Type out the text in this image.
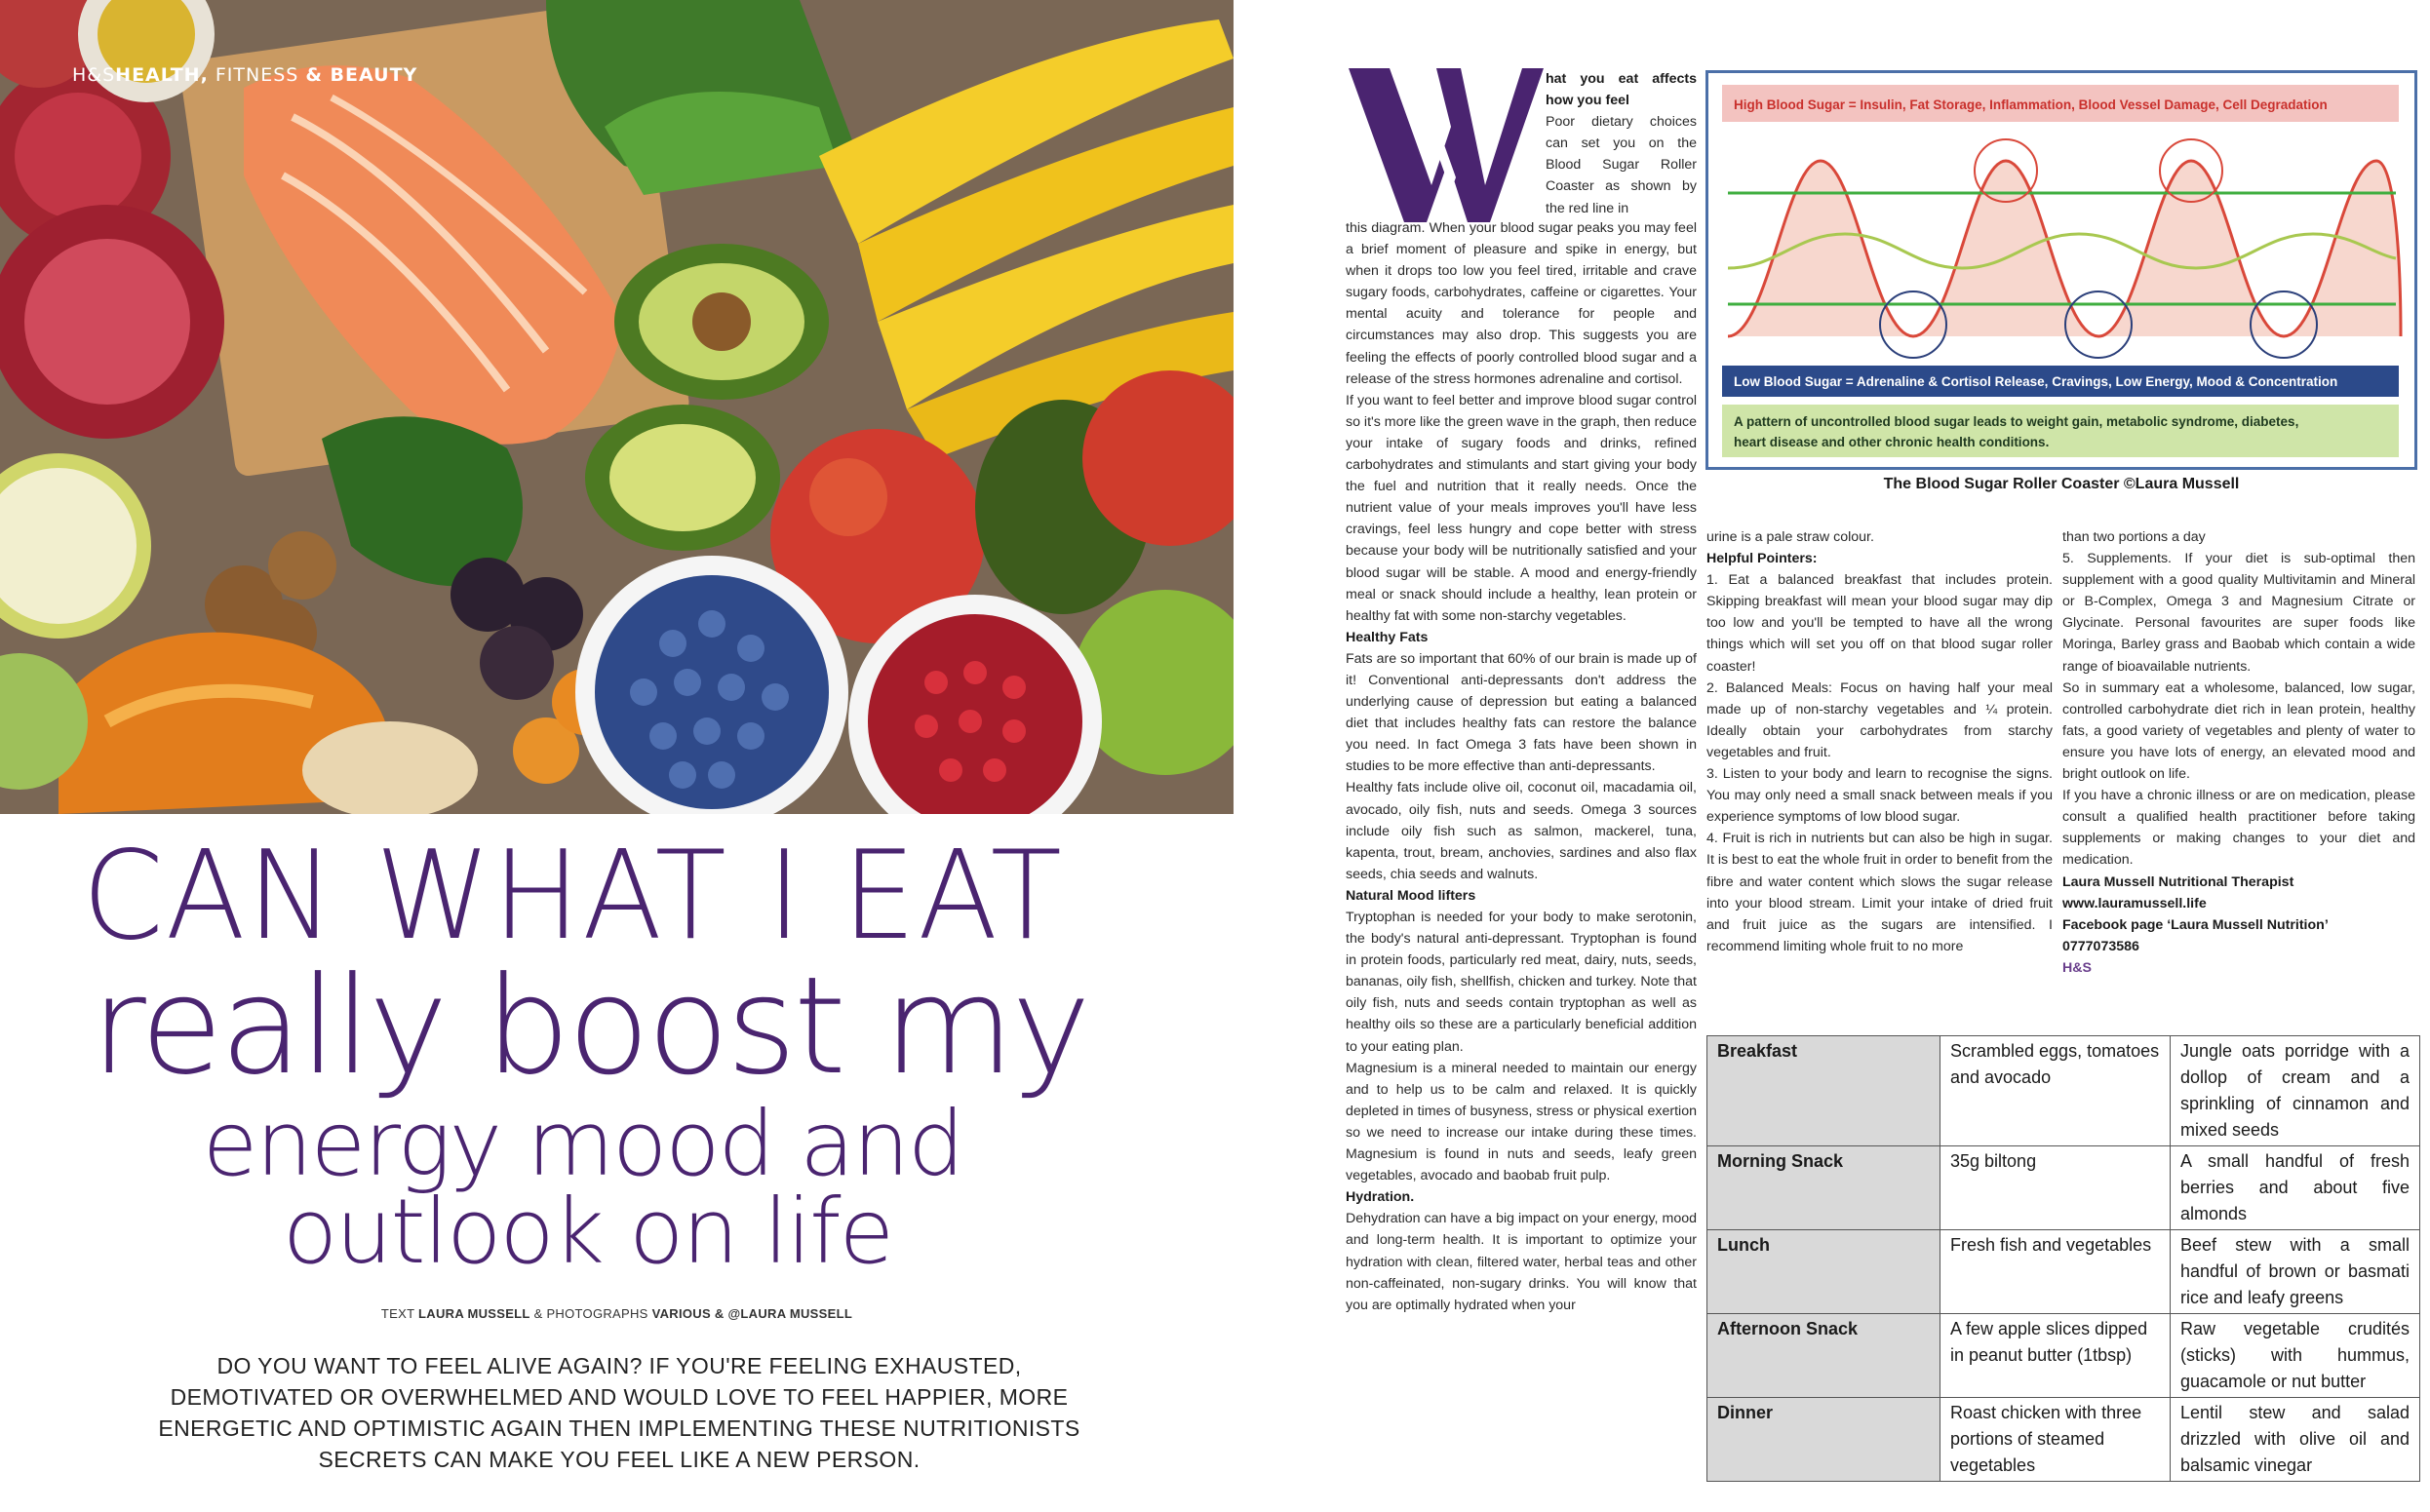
H&SHEALTH, FITNESS & BEAUTY
CAN WHAT I EAT
really boost my
energy mood and
outlook on life
TEXT LAURA MUSSELL & PHOTOGRAPHS VARIOUS & @LAURA MUSSELL
DO YOU WANT TO FEEL ALIVE AGAIN? IF YOU'RE FEELING EXHAUSTED, DEMOTIVATED OR OVERWHELMED AND WOULD LOVE TO FEEL HAPPIER, MORE ENERGETIC AND OPTIMISTIC AGAIN THEN IMPLEMENTING THESE NUTRITIONISTS SECRETS CAN MAKE YOU FEEL LIKE A NEW PERSON.

hat you eat affects how you feel

Poor dietary choices can set you on the Blood Sugar Roller Coaster as shown by the red line in

this diagram. When your blood sugar peaks you may feel a brief moment of pleasure and spike in energy, but when it drops too low you feel tired, irritable and crave sugary foods, carbohydrates, caffeine or cigarettes. Your mental acuity and tolerance for people and circumstances may also drop. This suggests you are feeling the effects of poorly controlled blood sugar and a release of the stress hormones adrenaline and cortisol.

If you want to feel better and improve blood sugar control so it's more like the green wave in the graph, then reduce your intake of sugary foods and drinks, refined carbohydrates and stimulants and start giving your body the fuel and nutrition that it really needs. Once the nutrient value of your meals improves you'll have less cravings, feel less hungry and cope better with stress because your body will be nutritionally satisfied and your blood sugar will be stable. A mood and energy-friendly meal or snack should include a healthy, lean protein or healthy fat with some non-starchy vegetables.

Healthy Fats

Fats are so important that 60% of our brain is made up of it! Conventional anti-depressants don't address the underlying cause of depression but eating a balanced diet that includes healthy fats can restore the balance you need. In fact Omega 3 fats have been shown in studies to be more effective than anti-depressants.

Healthy fats include olive oil, coconut oil, macadamia oil, avocado, oily fish, nuts and seeds. Omega 3 sources include oily fish such as salmon, mackerel, tuna, kapenta, trout, bream, anchovies, sardines and also flax seeds, chia seeds and walnuts.

Natural Mood lifters

Tryptophan is needed for your body to make serotonin, the body's natural anti-depressant. Tryptophan is found in protein foods, particularly red meat, dairy, nuts, seeds, bananas, oily fish, shellfish, chicken and turkey. Note that oily fish, nuts and seeds contain tryptophan as well as healthy oils so these are a particularly beneficial addition to your eating plan.

Magnesium is a mineral needed to maintain our energy and to help us to be calm and relaxed. It is quickly depleted in times of busyness, stress or physical exertion so we need to increase our intake during these times. Magnesium is found in nuts and seeds, leafy green vegetables, avocado and baobab fruit pulp.

Hydration.

Dehydration can have a big impact on your energy, mood and long-term health. It is important to optimize your hydration with clean, filtered water, herbal teas and other non-caffeinated, non-sugary drinks. You will know that you are optimally hydrated when your

High Blood Sugar = Insulin, Fat Storage, Inflammation, Blood Vessel Damage, Cell Degradation
Low Blood Sugar = Adrenaline & Cortisol Release, Cravings, Low Energy, Mood & Concentration
A pattern of uncontrolled blood sugar leads to weight gain, metabolic syndrome, diabetes, heart disease and other chronic health conditions.
The Blood Sugar Roller Coaster ©Laura Mussell

urine is a pale straw colour.

Helpful Pointers:

1. Eat a balanced breakfast that includes protein. Skipping breakfast will mean your blood sugar may dip too low and you'll be tempted to have all the wrong things which will set you off on that blood sugar roller coaster!

2. Balanced Meals: Focus on having half your meal made up of non-starchy vegetables and ¼ protein. Ideally obtain your carbohydrates from starchy vegetables and fruit.

3. Listen to your body and learn to recognise the signs. You may only need a small snack between meals if you experience symptoms of low blood sugar.

4. Fruit is rich in nutrients but can also be high in sugar. It is best to eat the whole fruit in order to benefit from the fibre and water content which slows the sugar release into your blood stream. Limit your intake of dried fruit and fruit juice as the sugars are intensified. I recommend limiting whole fruit to no more

than two portions a day

5. Supplements. If your diet is sub-optimal then supplement with a good quality Multivitamin and Mineral or B-Complex, Omega 3 and Magnesium Citrate or Glycinate. Personal favourites are super foods like Moringa, Barley grass and Baobab which contain a wide range of bioavailable nutrients.

So in summary eat a wholesome, balanced, low sugar, controlled carbohydrate diet rich in lean protein, healthy fats, a good variety of vegetables and plenty of water to ensure you have lots of energy, an elevated mood and bright outlook on life.

If you have a chronic illness or are on medication, please consult a qualified health practitioner before taking supplements or making changes to your diet and medication.

Laura Mussell Nutritional Therapist

www.lauramussell.life

Facebook page ‘Laura Mussell Nutrition’

0777073586

H&S

Breakfast	Scrambled eggs, tomatoes and avocado	Jungle oats porridge with a dollop of cream and a sprinkling of cinnamon and mixed seeds
Morning Snack	35g biltong	A small handful of fresh berries and about five almonds
Lunch	Fresh fish and vegetables	Beef stew with a small handful of brown or basmati rice and leafy greens
Afternoon Snack	A few apple slices dipped in peanut butter (1tbsp)	Raw vegetable crudités (sticks) with hummus, guacamole or nut butter
Dinner	Roast chicken with three portions of steamed vegetables	Lentil stew and salad drizzled with olive oil and balsamic vinegar
